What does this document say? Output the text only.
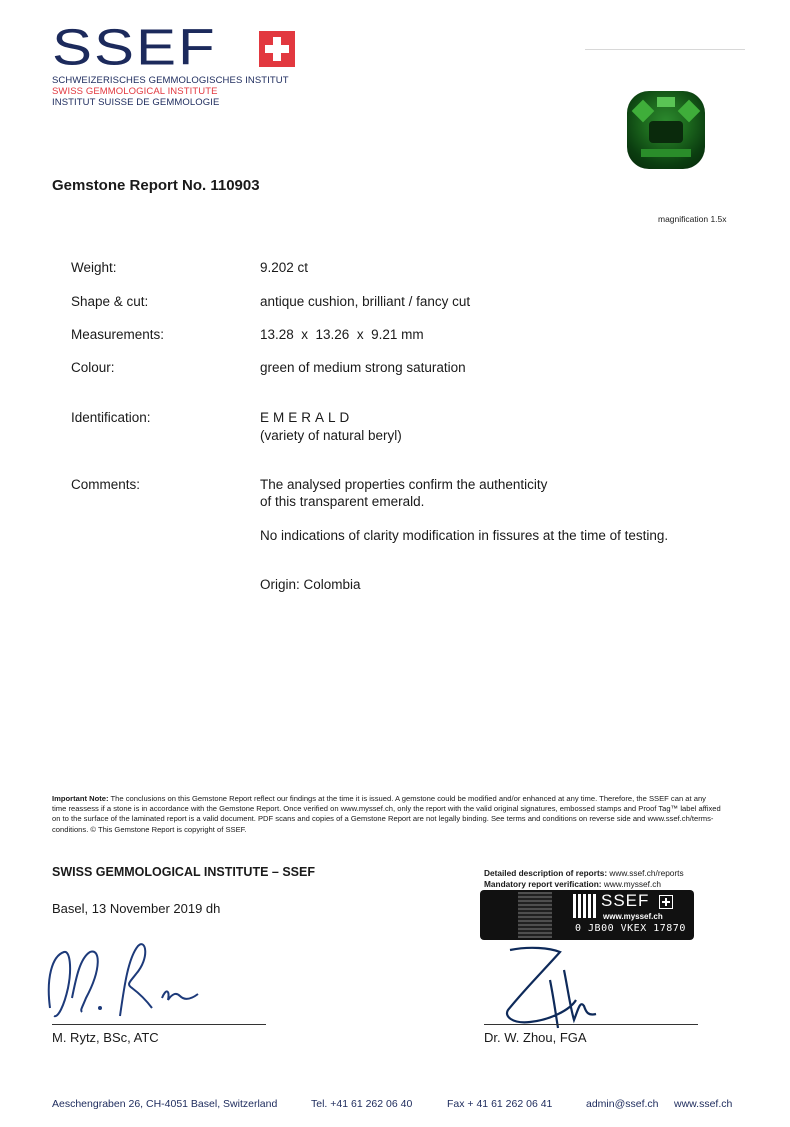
SSEF
SCHWEIZERISCHES GEMMOLOGISCHES INSTITUT
SWISS GEMMOLOGICAL INSTITUTE
INSTITUT SUISSE DE GEMMOLOGIE
Gemstone Report No. 110903
magnification 1.5x
Weight:	9.202 ct
Shape & cut:	antique cushion, brilliant / fancy cut
Measurements:	13.28  x  13.26  x  9.21 mm
Colour:	green of medium strong saturation
Identification:	EMERALD
(variety of natural beryl)
Comments:	The analysed properties confirm the authenticity
of this transparent emerald.
No indications of clarity modification in fissures at the time of testing.
Origin: Colombia
Important Note: The conclusions on this Gemstone Report reflect our findings at the time it is issued. A gemstone could be modified and/or enhanced at any time. Therefore, the SSEF can at any time reassess if a stone is in accordance with the Gemstone Report. Once verified on www.myssef.ch, only the report with the valid original signatures, embossed stamps and Proof Tag™ label affixed on to the surface of the laminated report is a valid document. PDF scans and copies of a Gemstone Report are not legally binding. See terms and conditions on reverse side and www.ssef.ch/terms-conditions. © This Gemstone Report is copyright of SSEF.
SWISS GEMMOLOGICAL INSTITUTE – SSEF
Basel, 13 November 2019 dh
Detailed description of reports: www.ssef.ch/reports
Mandatory report verification: www.myssef.ch
SSEF
www.myssef.ch
0 JB00 VKEX 17870
M. Rytz, BSc, ATC	Dr. W. Zhou, FGA
Aeschengraben 26, CH-4051 Basel, Switzerland	Tel. +41 61 262 06 40	Fax + 41 61 262 06 41	admin@ssef.ch www.ssef.ch
